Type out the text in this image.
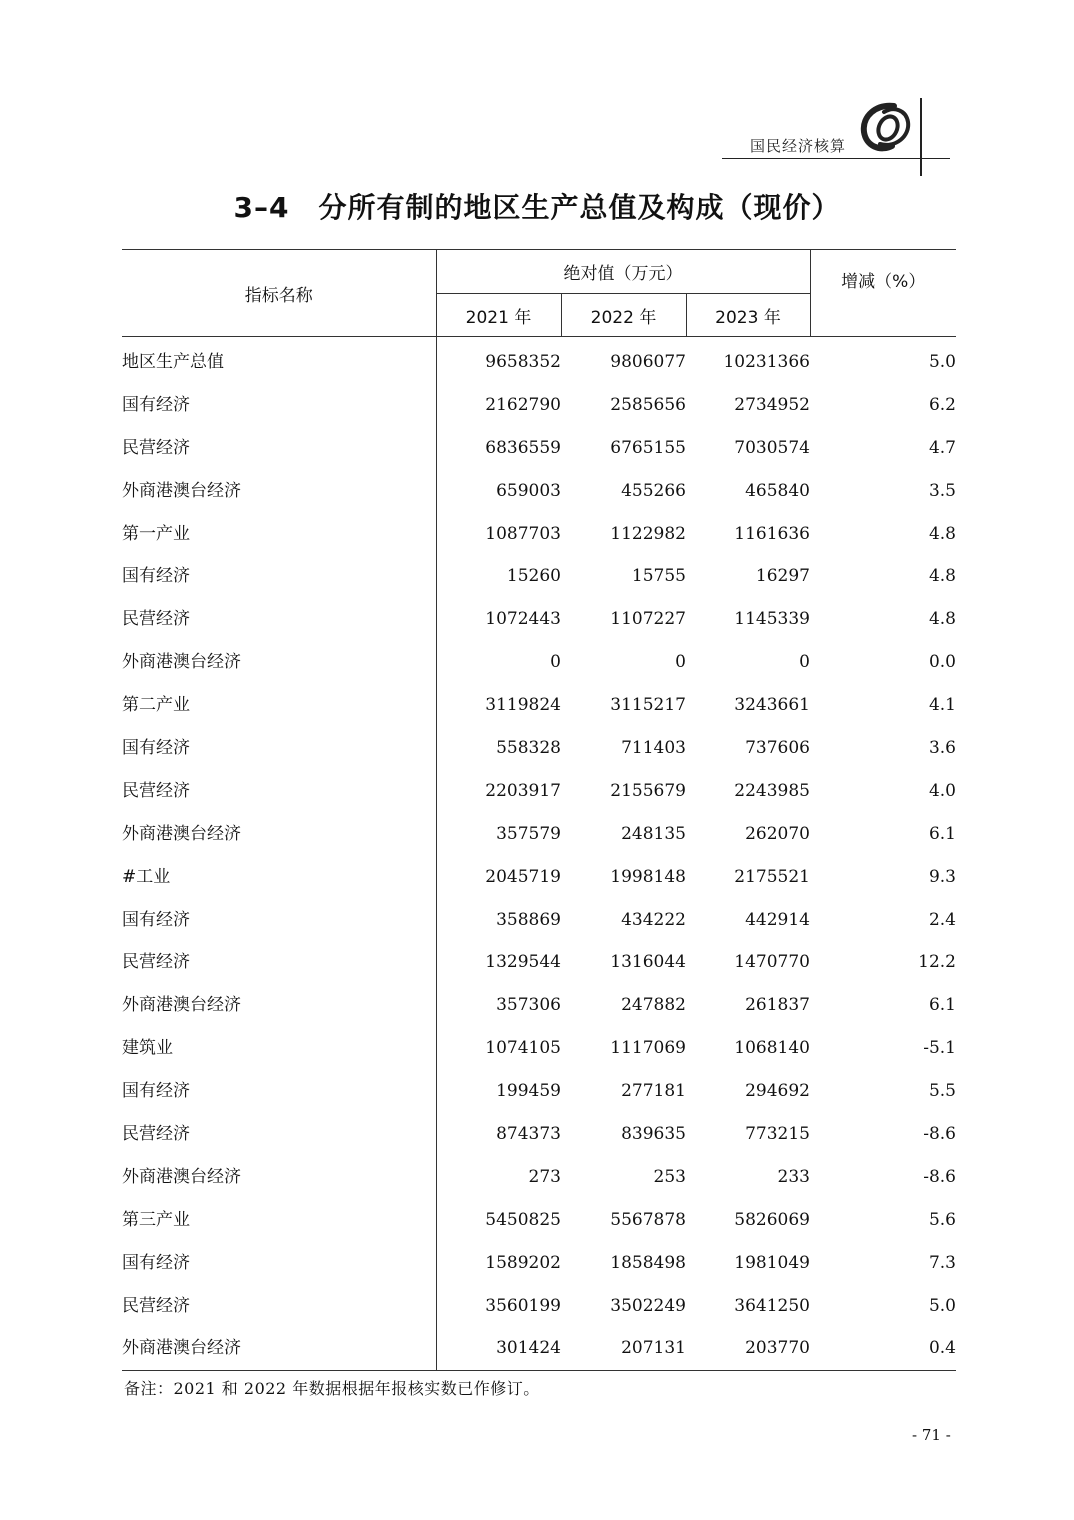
国民经济核算
3–4　分所有制的地区生产总值及构成（现价）
指标名称	绝对值（万元）			增减（%）
	2021 年	2022 年	2023 年	
地区生产总值	9658352	9806077	10231366	5.0
国有经济	2162790	2585656	2734952	6.2
民营经济	6836559	6765155	7030574	4.7
外商港澳台经济	659003	455266	465840	3.5
第一产业	1087703	1122982	1161636	4.8
国有经济	15260	15755	16297	4.8
民营经济	1072443	1107227	1145339	4.8
外商港澳台经济	0	0	0	0.0
第二产业	3119824	3115217	3243661	4.1
国有经济	558328	711403	737606	3.6
民营经济	2203917	2155679	2243985	4.0
外商港澳台经济	357579	248135	262070	6.1
#工业	2045719	1998148	2175521	9.3
国有经济	358869	434222	442914	2.4
民营经济	1329544	1316044	1470770	12.2
外商港澳台经济	357306	247882	261837	6.1
建筑业	1074105	1117069	1068140	-5.1
国有经济	199459	277181	294692	5.5
民营经济	874373	839635	773215	-8.6
外商港澳台经济	273	253	233	-8.6
第三产业	5450825	5567878	5826069	5.6
国有经济	1589202	1858498	1981049	7.3
民营经济	3560199	3502249	3641250	5.0
外商港澳台经济	301424	207131	203770	0.4
备注：2021 和 2022 年数据根据年报核实数已作修订。
- 71 -
